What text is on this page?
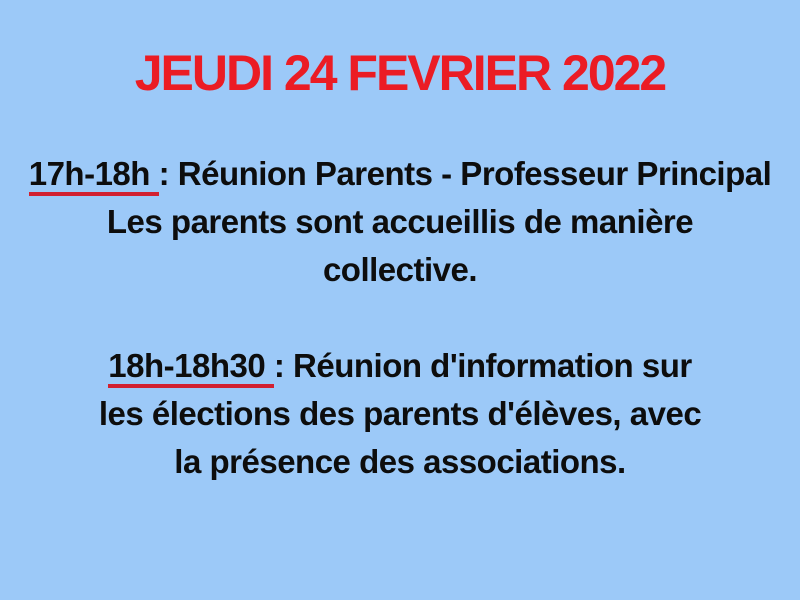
JEUDI 24 FEVRIER 2022
17h-18h : Réunion Parents - Professeur Principal
Les parents sont accueillis de manière
collective.
18h-18h30 : Réunion d'information sur
les élections des parents d'élèves, avec
la présence des associations.
